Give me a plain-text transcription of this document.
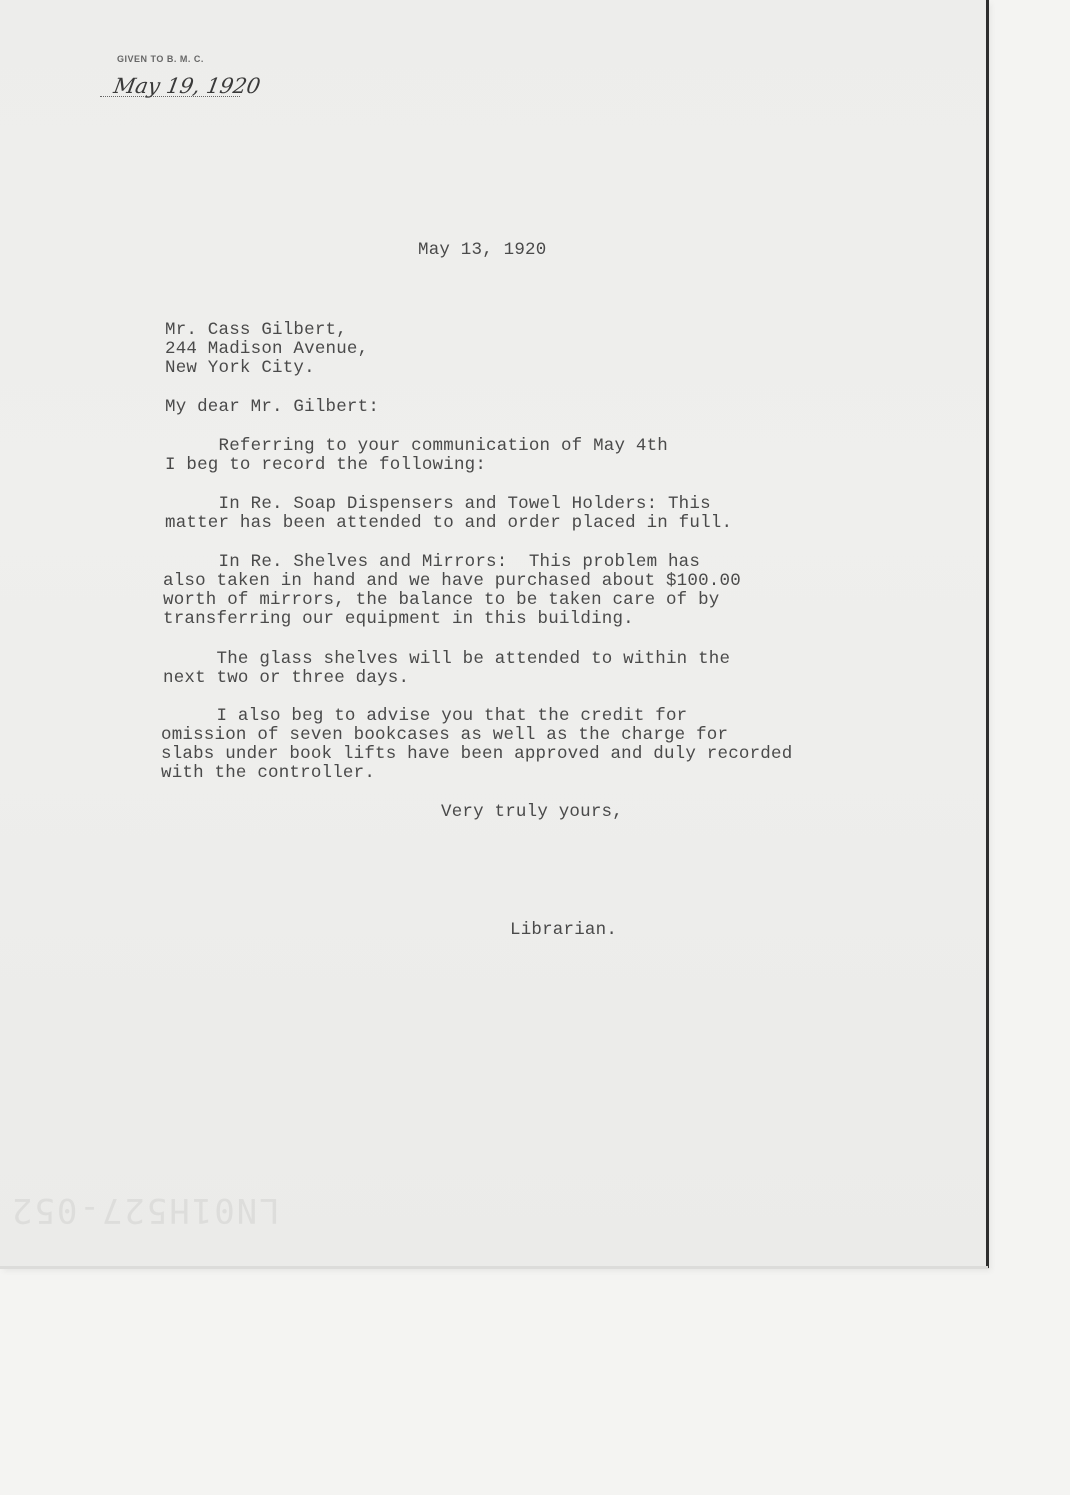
GIVEN TO B. M. C.
May 19, 1920
May 13, 1920
Mr. Cass Gilbert,
244 Madison Avenue,
New York City.
My dear Mr. Gilbert:
Referring to your communication of May 4th
I beg to record the following:
In Re. Soap Dispensers and Towel Holders: This
matter has been attended to and order placed in full.
In Re. Shelves and Mirrors:  This problem has
also taken in hand and we have purchased about $100.00
worth of mirrors, the balance to be taken care of by
transferring our equipment in this building.
The glass shelves will be attended to within the
next two or three days.
I also beg to advise you that the credit for
omission of seven bookcases as well as the charge for
slabs under book lifts have been approved and duly recorded
with the controller.
Very truly yours,
Librarian.
LN01H527-052
